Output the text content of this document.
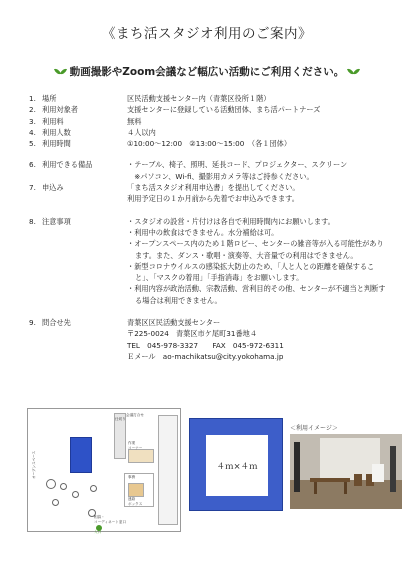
《まち活スタジオ利用のご案内》
動画撮影やZoom会議など幅広い活動にご利用ください。
1. 場所	区民活動支援センター内（青葉区役所１階）
2. 利用対象者	支援センターに登録している活動団体、まち活パートナーズ
3. 利用料	無料
4. 利用人数	４人以内
5. 利用時間	①10:00～12:00　②13:00～15:00　（各１団体）
6. 利用できる備品	・テーブル、椅子、照明、延長コード、プロジェクター、スクリーン
　※パソコン、Wi-fi、撮影用カメラ等はご持参ください。
7. 申込み	「まち活スタジオ利用申込書」を提出してください。
利用予定日の１か月前から先着でお申込みできます。
8. 注意事項	・スタジオの設営・片付けは各自で利用時間内にお願いします。
・利用中の飲食はできません。水分補給は可。
・オープンスペース内のため１階ロビー、センターの雑音等が入る可能性があります。また、ダンス・歌唱・演奏等、大音量での利用はできません。
・新型コロナウイルスの感染拡大防止のため、「人と人との距離を確保すること」、「マスクの着用」「手指消毒」をお願いします。
・利用内容が政治活動、宗教活動、営利目的その他、センターが不適当と判断する場合は利用できません。
9. 問合せ先	青葉区区民活動支援センター
〒225-0024　青葉区市ケ尾町31番地４
TEL　045-978-3327　　FAX　045-972-6311
Ｅメール　ao-machikatsu@city.yokohama.jp
仕切り
作業
コーナー
会議打合せ
事務
連絡
ボックス
オープンスペース
相談・
コーディネート窓口
入口
４ｍ×４ｍ
＜利用イメージ＞
